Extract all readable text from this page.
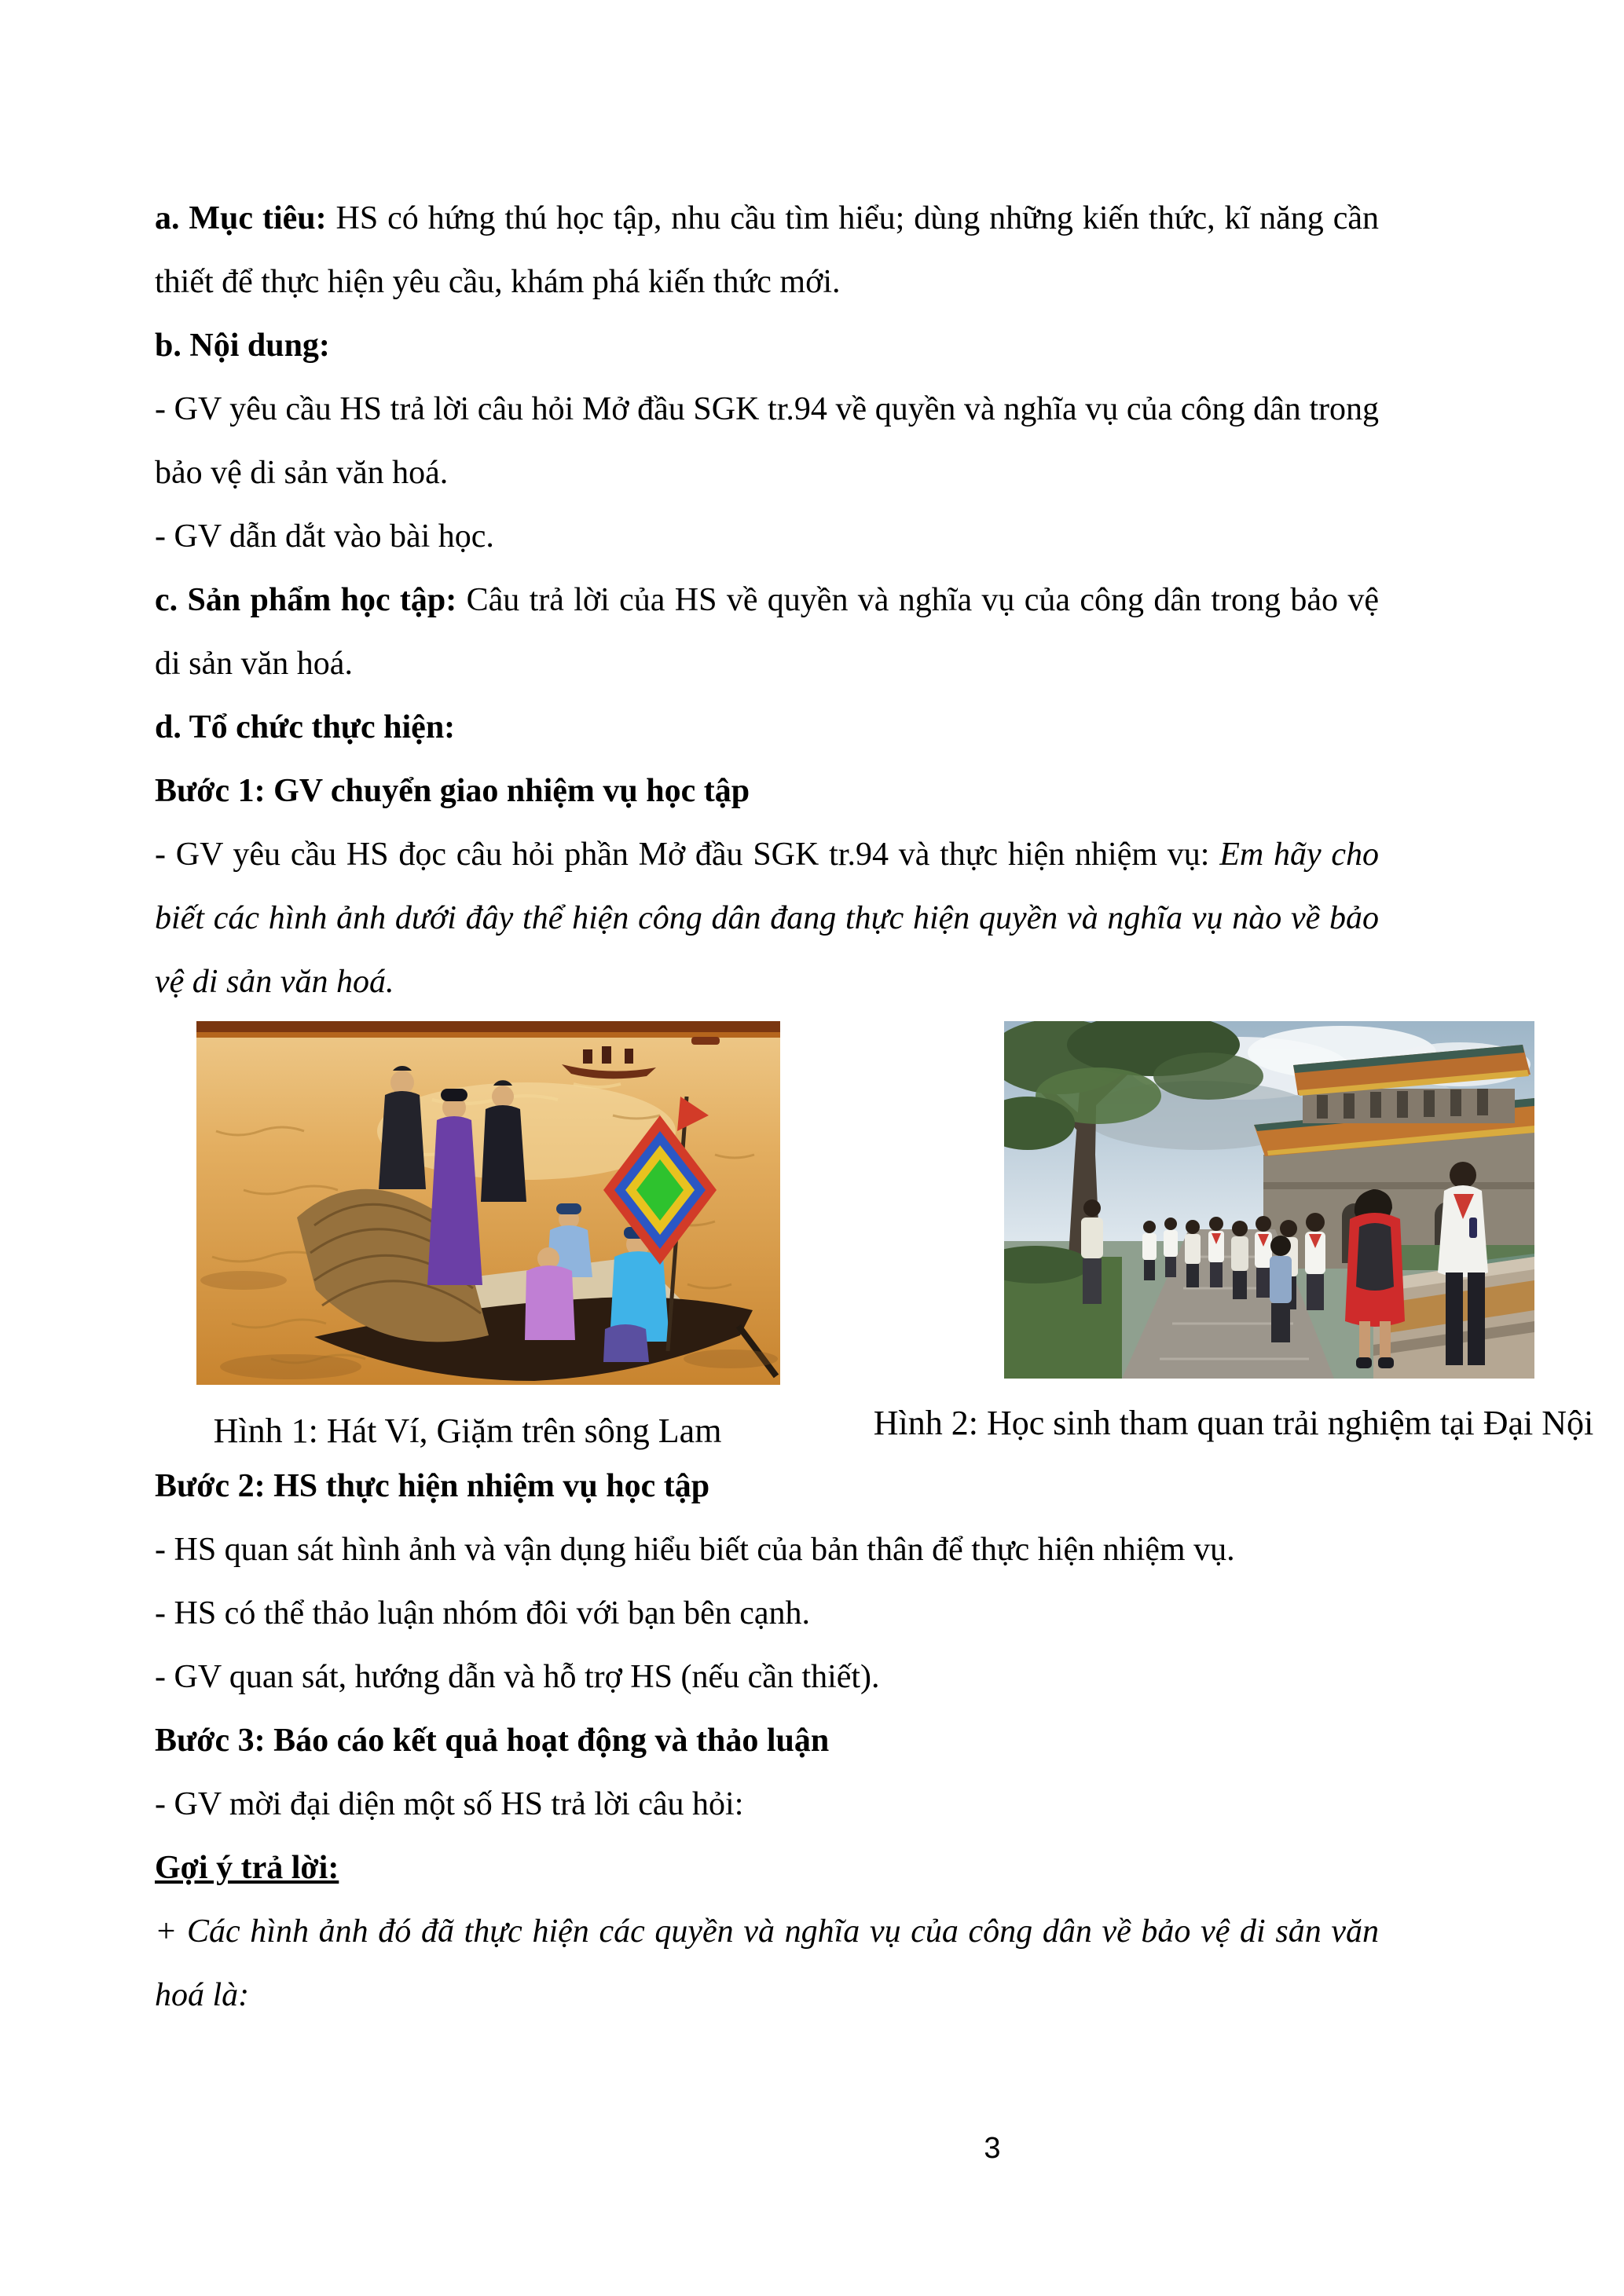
a. Mục tiêu: HS có hứng thú học tập, nhu cầu tìm hiểu; dùng những kiến thức, kĩ năng cần thiết để thực hiện yêu cầu, khám phá kiến thức mới.

b. Nội dung:

- GV yêu cầu HS trả lời câu hỏi Mở đầu SGK tr.94 về quyền và nghĩa vụ của công dân trong bảo vệ di sản văn hoá.

- GV dẫn dắt vào bài học.

c. Sản phẩm học tập: Câu trả lời của HS về quyền và nghĩa vụ của công dân trong bảo vệ di sản văn hoá.

d. Tổ chức thực hiện:

Bước 1: GV chuyển giao nhiệm vụ học tập

- GV yêu cầu HS đọc câu hỏi phần Mở đầu SGK tr.94 và thực hiện nhiệm vụ: Em hãy cho biết các hình ảnh dưới đây thể hiện công dân đang thực hiện quyền và nghĩa vụ nào về bảo vệ di sản văn hoá.

Hình 1: Hát Ví, Giặm trên sông Lam	Hình 2: Học sinh tham quan trải nghiệm tại Đại Nội

Bước 2: HS thực hiện nhiệm vụ học tập

- HS quan sát hình ảnh và vận dụng hiểu biết của bản thân để thực hiện nhiệm vụ.

- HS có thể thảo luận nhóm đôi với bạn bên cạnh.

- GV quan sát, hướng dẫn và hỗ trợ HS (nếu cần thiết).

Bước 3: Báo cáo kết quả hoạt động và thảo luận

- GV mời đại diện một số HS trả lời câu hỏi:

Gợi ý trả lời:

+ Các hình ảnh đó đã thực hiện các quyền và nghĩa vụ của công dân về bảo vệ di sản văn hoá là:

3
